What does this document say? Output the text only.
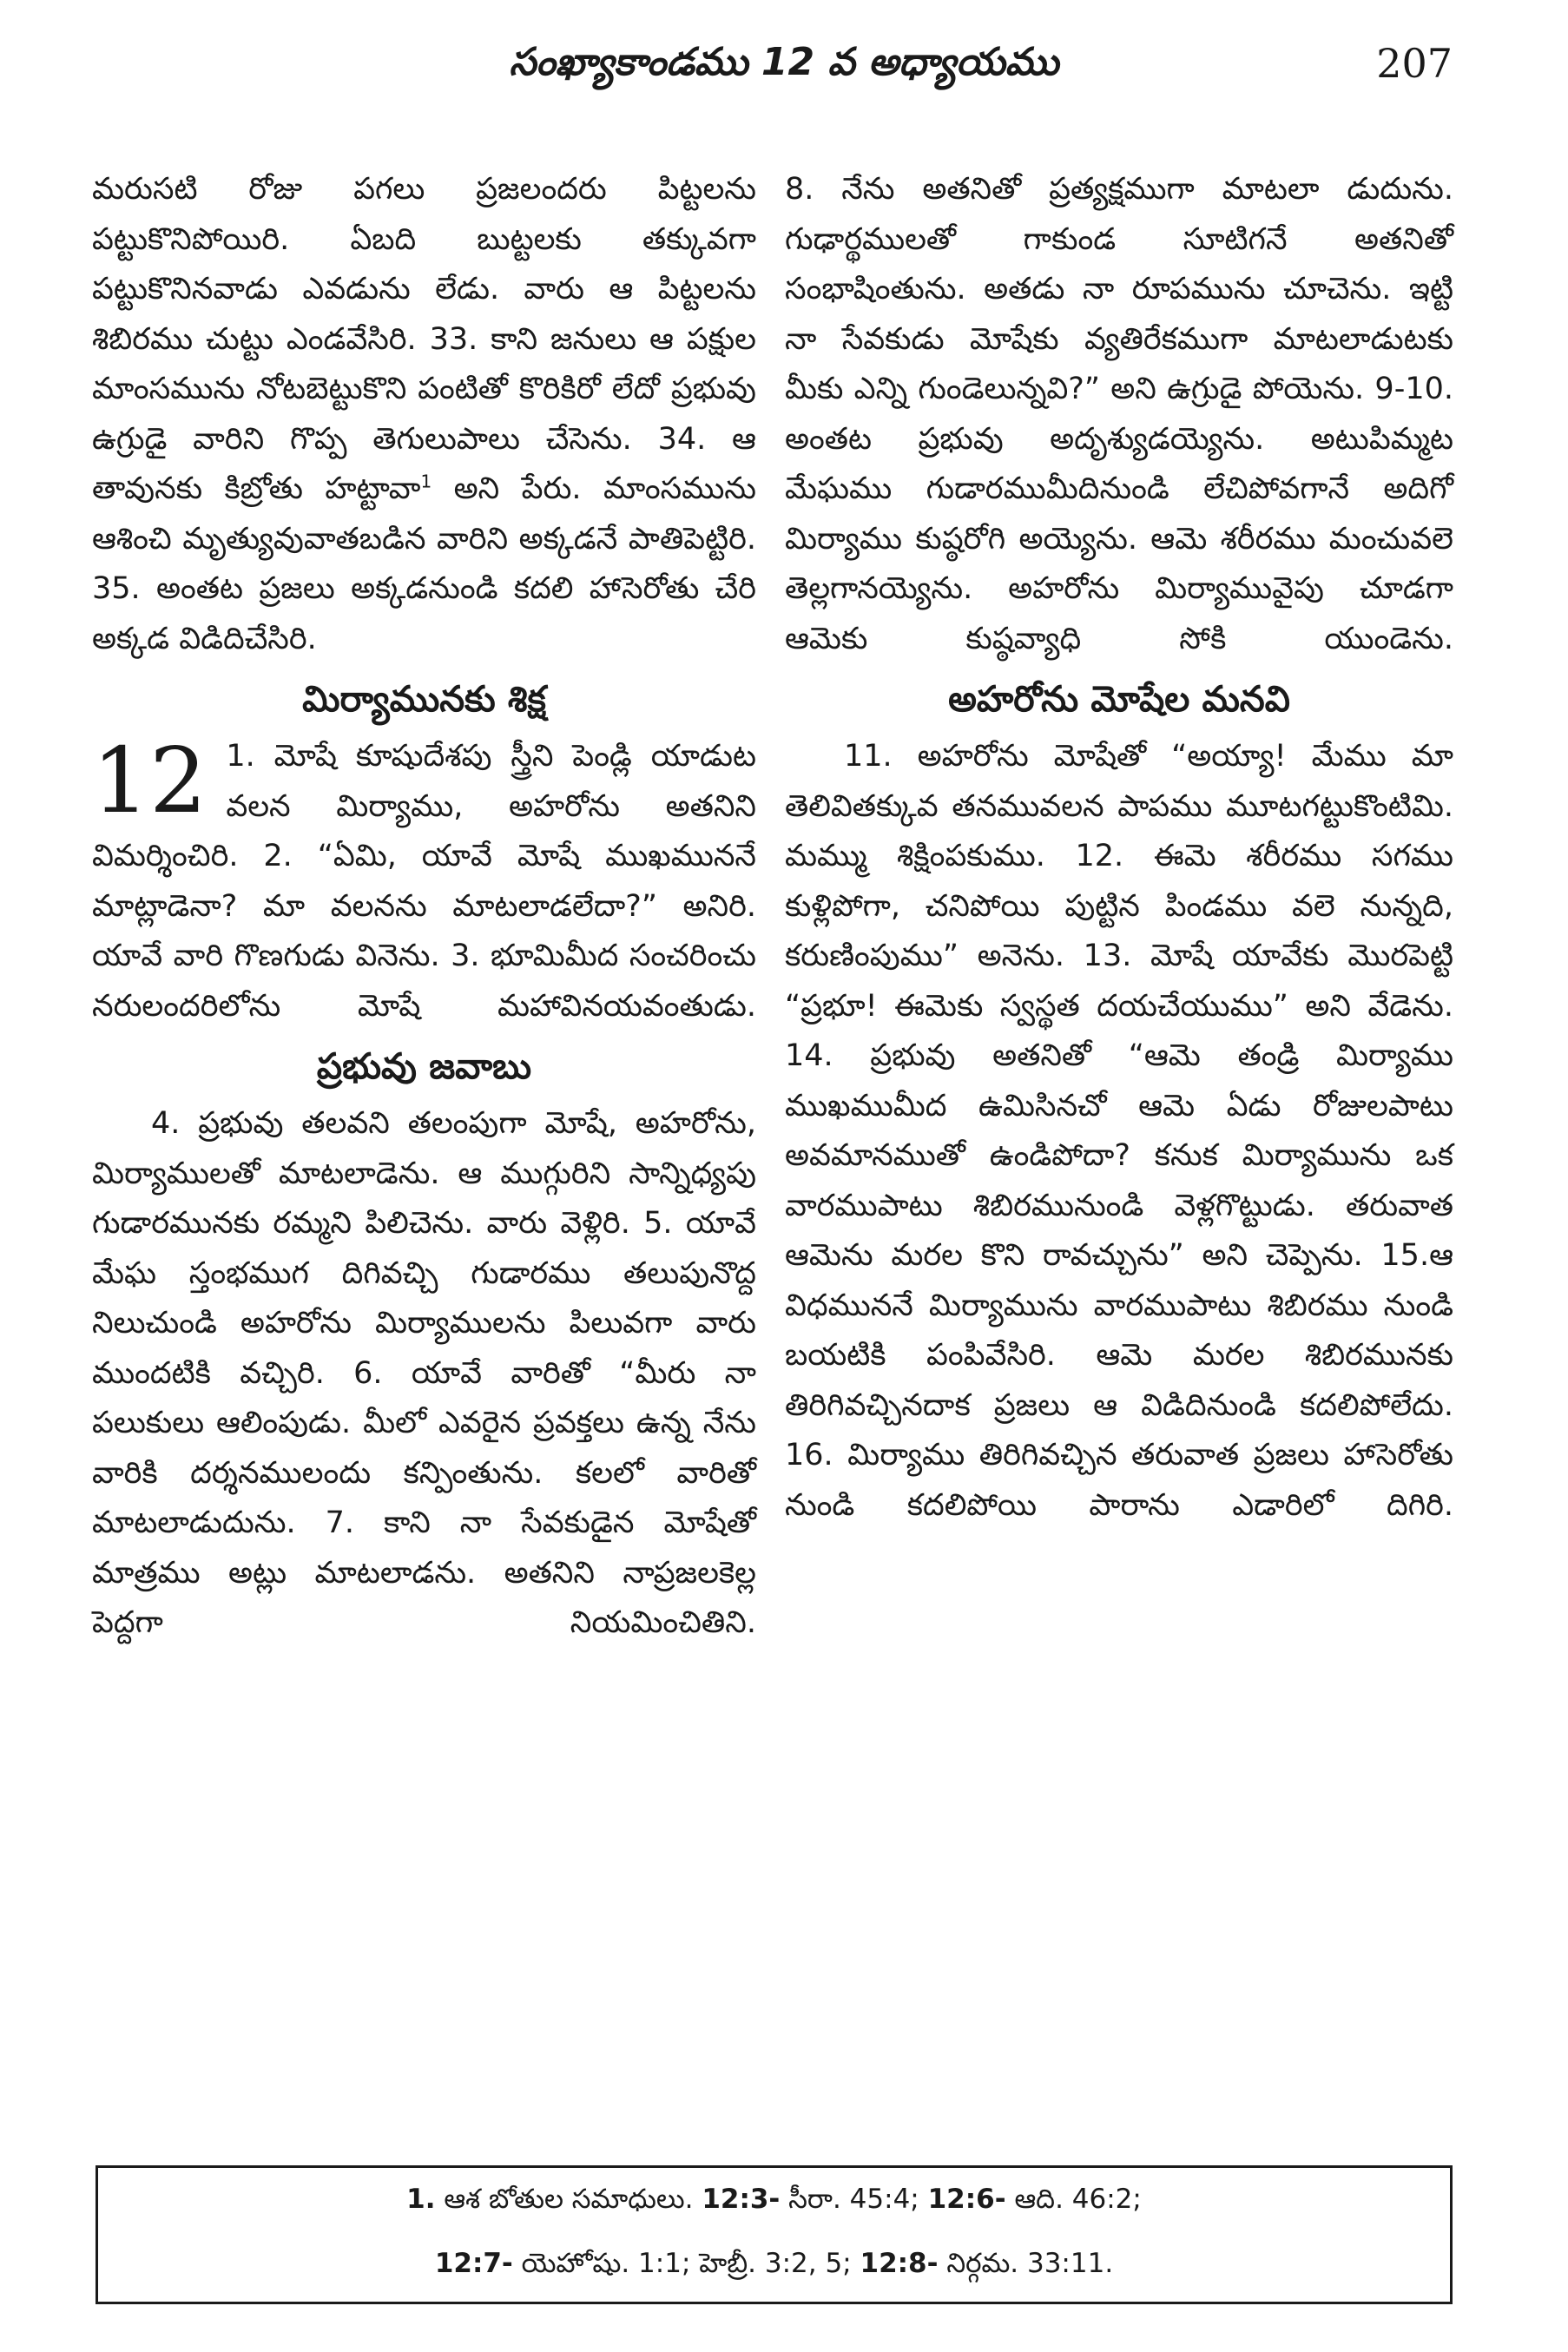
సంఖ్యాకాండము 12 వ అధ్యాయము	207

మరుసటి రోజు పగలు ప్రజలందరు పిట్టలను పట్టుకొనిపోయిరి. ఏబది బుట్టలకు తక్కువగా పట్టుకొనినవాడు ఎవడును లేడు. వారు ఆ పిట్టలను శిబిరము చుట్టు ఎండవేసిరి. 33. కాని జనులు ఆ పక్షుల మాంసమును నోటబెట్టుకొని పంటితో కొరికిరో లేదో ప్రభువు ఉగ్రుడై వారిని గొప్ప తెగులుపాలు చేసెను. 34. ఆ తావునకు కిబ్రోతు హట్టావా$^1$ అని పేరు. మాంసమును ఆశించి మృత్యువువాతబడిన వారిని అక్కడనే పాతిపెట్టిరి. 35. అంతట ప్రజలు అక్కడనుండి కదలి హాసెరోతు చేరి అక్కడ విడిదిచేసిరి.

మిర్యామునకు శిక్ష
12 1. మోషే కూషుదేశపు స్త్రీని పెండ్లి యాడుట వలన మిర్యాము, అహరోను అతనిని విమర్శించిరి. 2. “ఏమి, యావే మోషే ముఖముననే మాట్లాడెనా? మా వలనను మాటలాడలేదా?” అనిరి. యావే వారి గొణగుడు వినెను. 3. భూమిమీద సంచరించు నరులందరిలోను మోషే మహావినయవంతుడు.

ప్రభువు జవాబు

4. ప్రభువు తలవని తలంపుగా మోషే, అహరోను, మిర్యాములతో మాటలాడెను. ఆ ముగ్గురిని సాన్నిధ్యపు గుడారమునకు రమ్మని పిలిచెను. వారు వెళ్లిరి. 5. యావే మేఘ స్తంభముగ దిగివచ్చి గుడారము తలుపునొద్ద నిలుచుండి అహరోను మిర్యాములను పిలువగా వారు ముందటికి వచ్చిరి. 6. యావే వారితో “మీరు నా పలుకులు ఆలింపుడు. మీలో ఎవరైన ప్రవక్తలు ఉన్న నేను వారికి దర్శనములందు కన్పింతును. కలలో వారితో మాటలాడుదును. 7. కాని నా సేవకుడైన మోషేతో మాత్రము అట్లు మాటలాడను. అతనిని నాప్రజలకెల్ల పెద్దగా నియమించితిని.

8. నేను అతనితో ప్రత్యక్షముగా మాటలా డుదును. గుఢార్థములతో గాకుండ సూటిగనే అతనితో సంభాషింతును. అతడు నా రూపమును చూచెను. ఇట్టి నా సేవకుడు మోషేకు వ్యతిరేకముగా మాటలాడుటకు మీకు ఎన్ని గుండెలున్నవి?” అని ఉగ్రుడై పోయెను. 9-10. అంతట ప్రభువు అదృశ్యుడయ్యెను. అటుపిమ్మట మేఘము గుడారముమీదినుండి లేచిపోవగానే అదిగో మిర్యాము కుష్ఠరోగి అయ్యెను. ఆమె శరీరము మంచువలె తెల్లగానయ్యెను. అహరోను మిర్యామువైపు చూడగా ఆమెకు కుష్ఠవ్యాధి సోకి యుండెను.

అహరోను మోషేల మనవి

11. అహరోను మోషేతో “అయ్యా! మేము మా తెలివితక్కువ తనమువలన పాపము మూటగట్టుకొంటిమి. మమ్ము శిక్షింపకుము. 12. ఈమె శరీరము సగము కుళ్లిపోగా, చనిపోయి పుట్టిన పిండము వలె నున్నది, కరుణింపుము” అనెను. 13. మోషే యావేకు మొరపెట్టి “ప్రభూ! ఈమెకు స్వస్థత దయచేయుము” అని వేడెను. 14. ప్రభువు అతనితో “ఆమె తండ్రి మిర్యాము ముఖముమీద ఉమిసినచో ఆమె ఏడు రోజులపాటు అవమానముతో ఉండిపోదా? కనుక మిర్యామును ఒక వారముపాటు శిబిరమునుండి వెళ్లగొట్టుడు. తరువాత ఆమెను మరల కొని రావచ్చును” అని చెప్పెను. 15.ఆ విధముననే మిర్యామును వారముపాటు శిబిరము నుండి బయటికి పంపివేసిరి. ఆమె మరల శిబిరమునకు తిరిగివచ్చినదాక ప్రజలు ఆ విడిదినుండి కదలిపోలేదు. 16. మిర్యాము తిరిగివచ్చిన తరువాత ప్రజలు హాసెరోతు నుండి కదలిపోయి పారాను ఎడారిలో దిగిరి.

1. ఆశ బోతుల సమాధులు. 12:3- సీరా. 45:4; 12:6- ఆది. 46:2;
12:7- యెహోషు. 1:1; హెబ్రీ. 3:2, 5; 12:8- నిర్గమ. 33:11.
